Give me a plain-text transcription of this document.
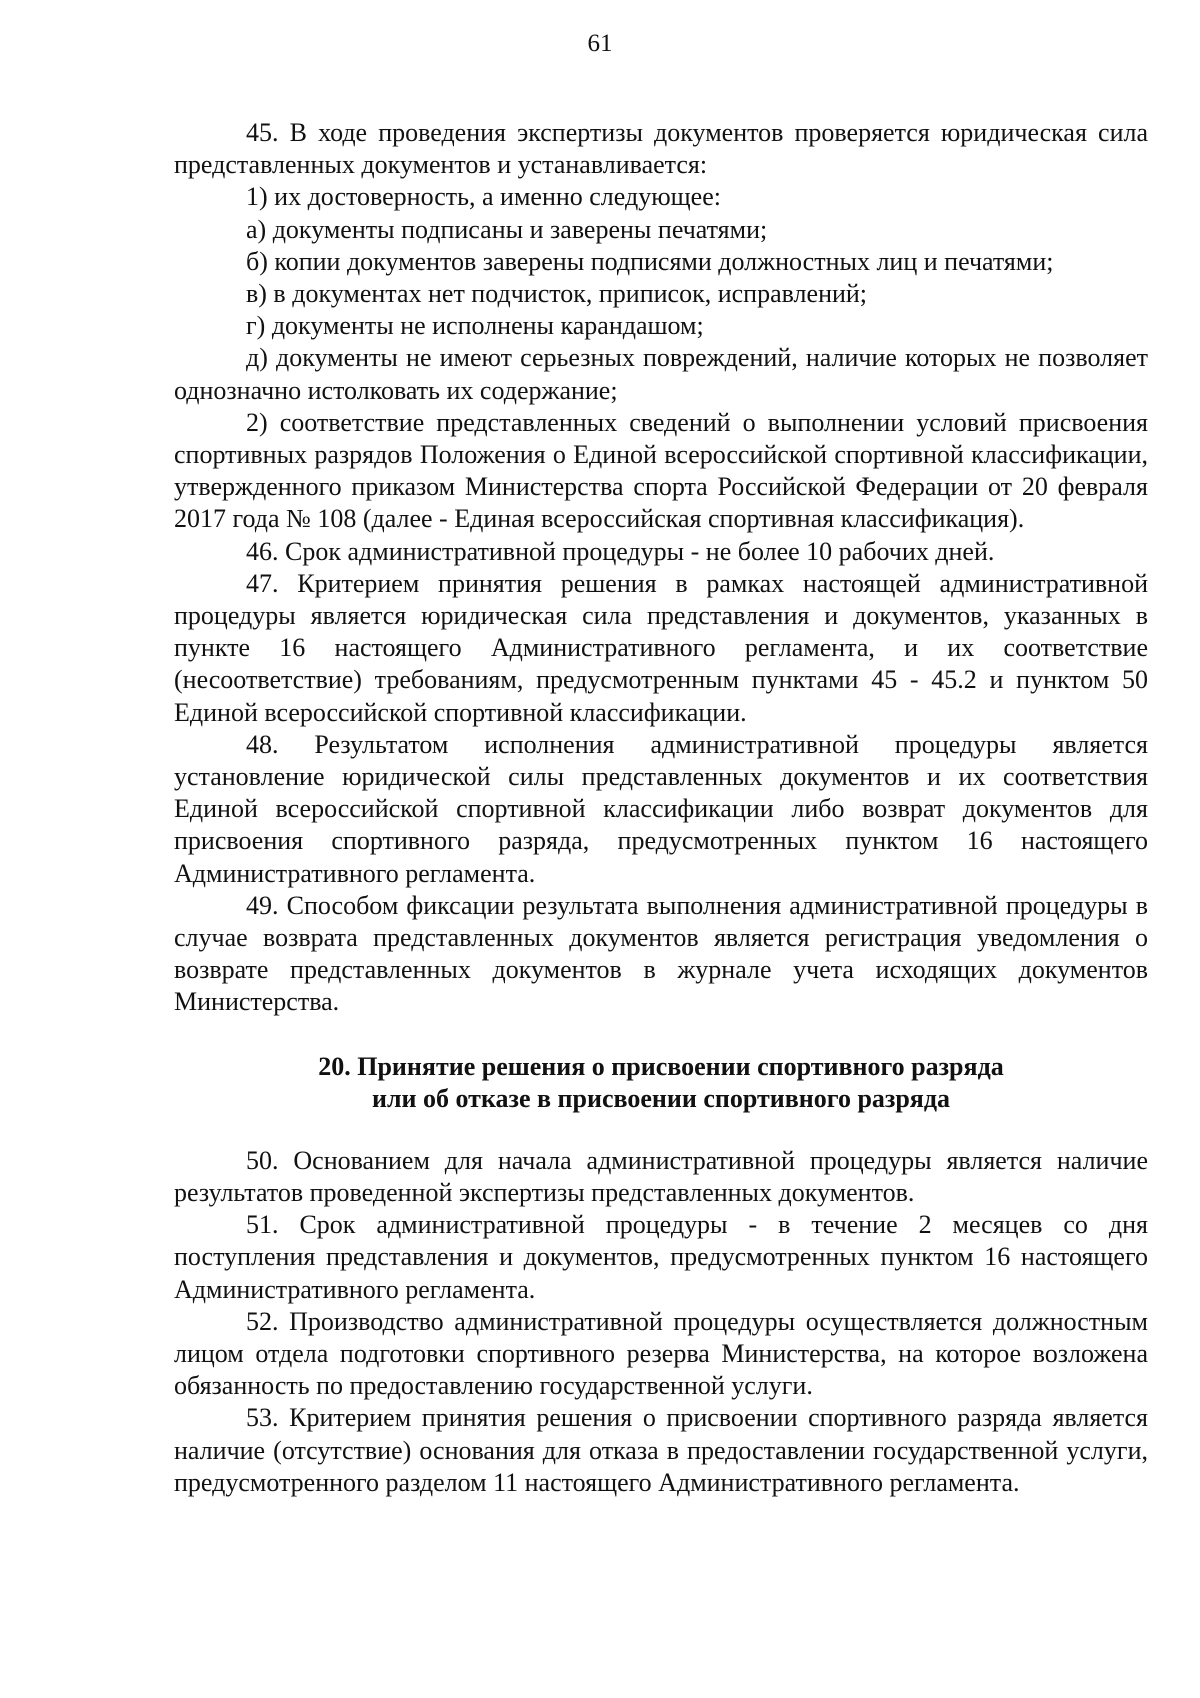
61

45. В ходе проведения экспертизы документов проверяется юридическая сила представленных документов и устанавливается:

1) их достоверность, а именно следующее:

а) документы подписаны и заверены печатями;

б) копии документов заверены подписями должностных лиц и печатями;

в) в документах нет подчисток, приписок, исправлений;

г) документы не исполнены карандашом;

д) документы не имеют серьезных повреждений, наличие которых не позволяет однозначно истолковать их содержание;

2) соответствие представленных сведений о выполнении условий присвоения спортивных разрядов Положения о Единой всероссийской спортивной классификации, утвержденного приказом Министерства спорта Российской Федерации от 20 февраля 2017 года № 108 (далее - Единая всероссийская спортивная классификация).

46. Срок административной процедуры - не более 10 рабочих дней.

47. Критерием принятия решения в рамках настоящей административной процедуры является юридическая сила представления и документов, указанных в пункте 16 настоящего Административного регламента, и их соответствие (несоответствие) требованиям, предусмотренным пунктами 45 - 45.2 и пунктом 50 Единой всероссийской спортивной классификации.

48. Результатом исполнения административной процедуры является установление юридической силы представленных документов и их соответствия Единой всероссийской спортивной классификации либо возврат документов для присвоения спортивного разряда, предусмотренных пунктом 16 настоящего Административного регламента.

49. Способом фиксации результата выполнения административной процедуры в случае возврата представленных документов является регистрация уведомления о возврате представленных документов в журнале учета исходящих документов Министерства.

20. Принятие решения о присвоении спортивного разряда
или об отказе в присвоении спортивного разряда

50. Основанием для начала административной процедуры является наличие результатов проведенной экспертизы представленных документов.

51. Срок административной процедуры - в течение 2 месяцев со дня поступления представления и документов, предусмотренных пунктом 16 настоящего Административного регламента.

52. Производство административной процедуры осуществляется должностным лицом отдела подготовки спортивного резерва Министерства, на которое возложена обязанность по предоставлению государственной услуги.

53. Критерием принятия решения о присвоении спортивного разряда является наличие (отсутствие) основания для отказа в предоставлении государственной услуги, предусмотренного разделом 11 настоящего Административного регламента.
